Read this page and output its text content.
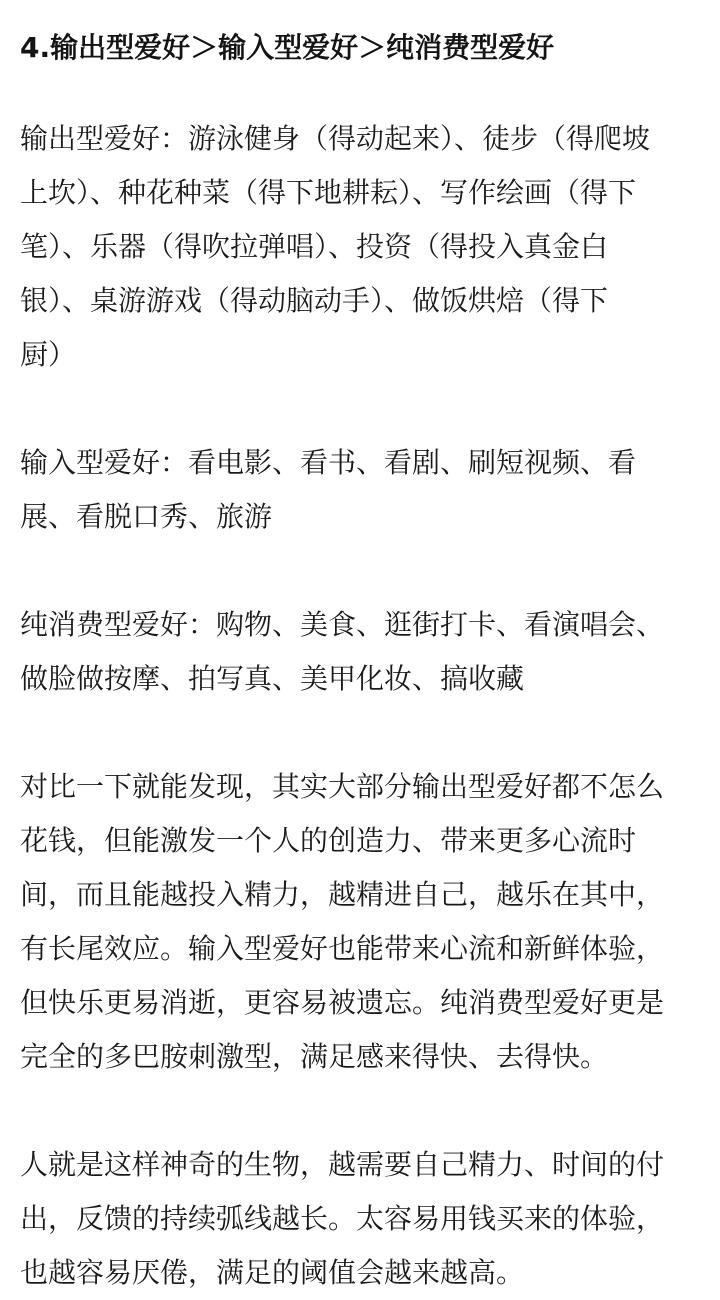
4.输出型爱好＞输入型爱好＞纯消费型爱好

输出型爱好：游泳健身（得动起来）、徒步（得爬坡
上坎）、种花种菜（得下地耕耘）、写作绘画（得下
笔）、乐器（得吹拉弹唱）、投资（得投入真金白
银）、桌游游戏（得动脑动手）、做饭烘焙（得下
厨）

输入型爱好：看电影、看书、看剧、刷短视频、看
展、看脱口秀、旅游

纯消费型爱好：购物、美食、逛街打卡、看演唱会、
做脸做按摩、拍写真、美甲化妆、搞收藏

对比一下就能发现，其实大部分输出型爱好都不怎么
花钱，但能激发一个人的创造力、带来更多心流时
间，而且能越投入精力，越精进自己，越乐在其中，
有长尾效应。输入型爱好也能带来心流和新鲜体验，
但快乐更易消逝，更容易被遗忘。纯消费型爱好更是
完全的多巴胺刺激型，满足感来得快、去得快。

人就是这样神奇的生物，越需要自己精力、时间的付
出，反馈的持续弧线越长。太容易用钱买来的体验，
也越容易厌倦，满足的阈值会越来越高。
